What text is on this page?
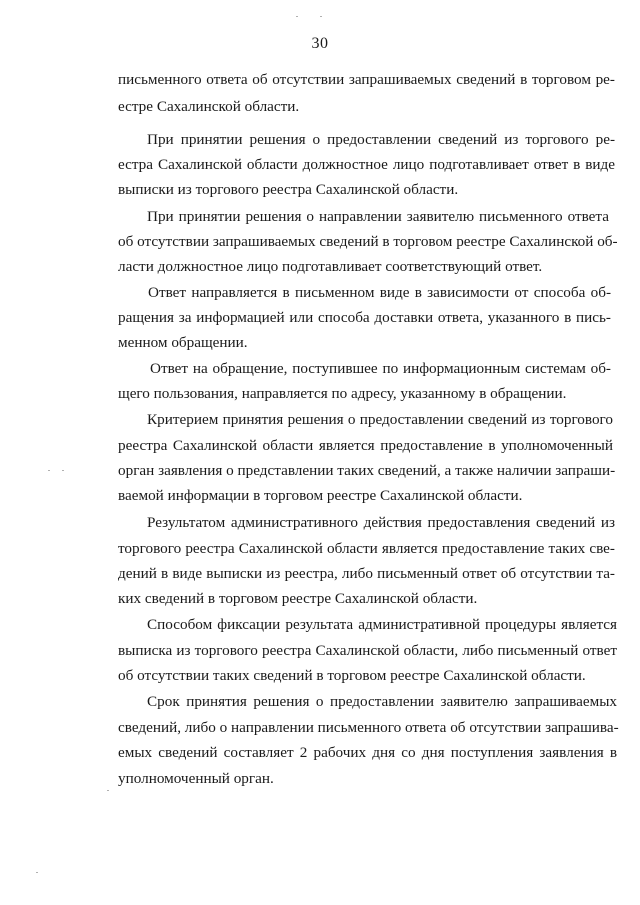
30
письменного ответа об отсутствии запрашиваемых сведений в торговом ре-
естре Сахалинской области.
При принятии решения о предоставлении сведений из торгового ре-
естра Сахалинской области должностное лицо подготавливает ответ в виде
выписки из торгового реестра Сахалинской области.
При принятии решения о направлении заявителю письменного ответа
об отсутствии запрашиваемых сведений в торговом реестре Сахалинской об-
ласти должностное лицо подготавливает соответствующий ответ.
Ответ направляется в письменном виде в зависимости от способа об-
ращения за информацией или способа доставки ответа, указанного в пись-
менном обращении.
Ответ на обращение, поступившее по информационным системам об-
щего пользования, направляется по адресу, указанному в обращении.
Критерием принятия решения о предоставлении сведений из торгового
реестра Сахалинской области является предоставление в уполномоченный
орган заявления о представлении таких сведений, а также наличии запраши-
ваемой информации в торговом реестре Сахалинской области.
Результатом административного действия предоставления сведений из
торгового реестра Сахалинской области является предоставление таких све-
дений в виде выписки из реестра, либо письменный ответ об отсутствии та-
ких сведений в торговом реестре Сахалинской области.
Способом фиксации результата административной процедуры является
выписка из торгового реестра Сахалинской области, либо письменный ответ
об отсутствии таких сведений в торговом реестре Сахалинской области.
Срок принятия решения о предоставлении заявителю запрашиваемых
сведений, либо о направлении письменного ответа об отсутствии запрашива-
емых сведений составляет 2 рабочих дня со дня поступления заявления в
уполномоченный орган.
